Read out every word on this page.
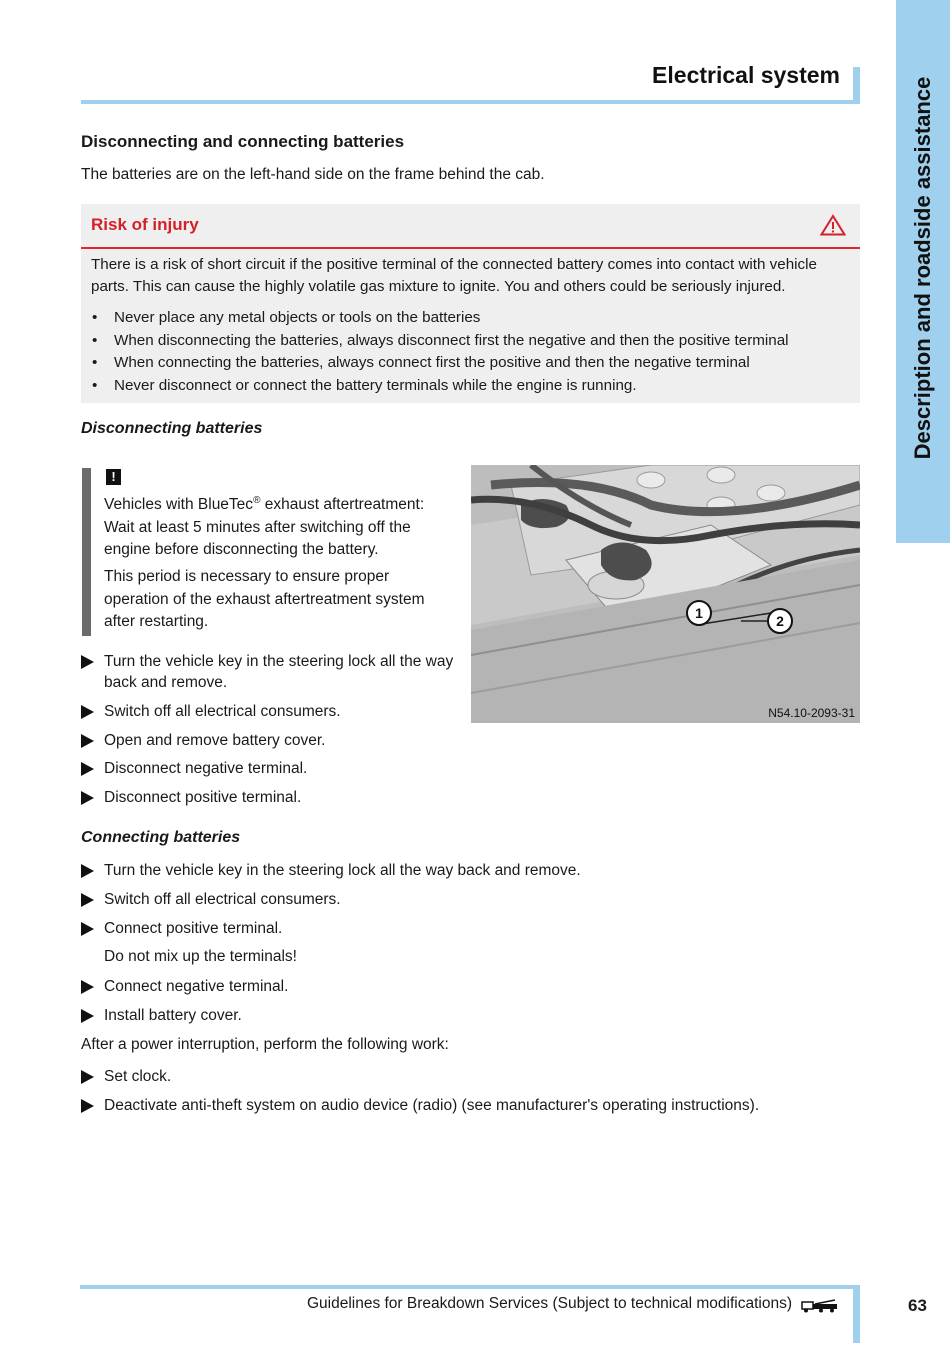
Description and roadside assistance
Electrical system
Disconnecting and connecting batteries
The batteries are on the left-hand side on the frame behind the cab.
Risk of injury
There is a risk of short circuit if the positive terminal of the connected battery comes into contact with vehicle parts. This can cause the highly volatile gas mixture to ignite. You and others could be seriously injured.
• Never place any metal objects or tools on the batteries
• When disconnecting the batteries, always disconnect first the negative and then the positive terminal
• When connecting the batteries, always connect first the positive and then the negative terminal
• Never disconnect or connect the battery terminals while the engine is running.
Disconnecting batteries
!
Vehicles with BlueTec® exhaust aftertreatment: Wait at least 5 minutes after switching off the engine before disconnecting the battery.
This period is necessary to ensure proper operation of the exhaust aftertreatment system after restarting.	1	2
N54.10-2093-31
Turn the vehicle key in the steering lock all the way back and remove.
Switch off all electrical consumers.
Open and remove battery cover.
Disconnect negative terminal.
Disconnect positive terminal.
Connecting batteries
Turn the vehicle key in the steering lock all the way back and remove.
Switch off all electrical consumers.
Connect positive terminal.
Do not mix up the terminals!
Connect negative terminal.
Install battery cover.
After a power interruption, perform the following work:
Set clock.
Deactivate anti-theft system on audio device (radio) (see manufacturer's operating instructions).
Guidelines for Breakdown Services (Subject to technical modifications)	63
